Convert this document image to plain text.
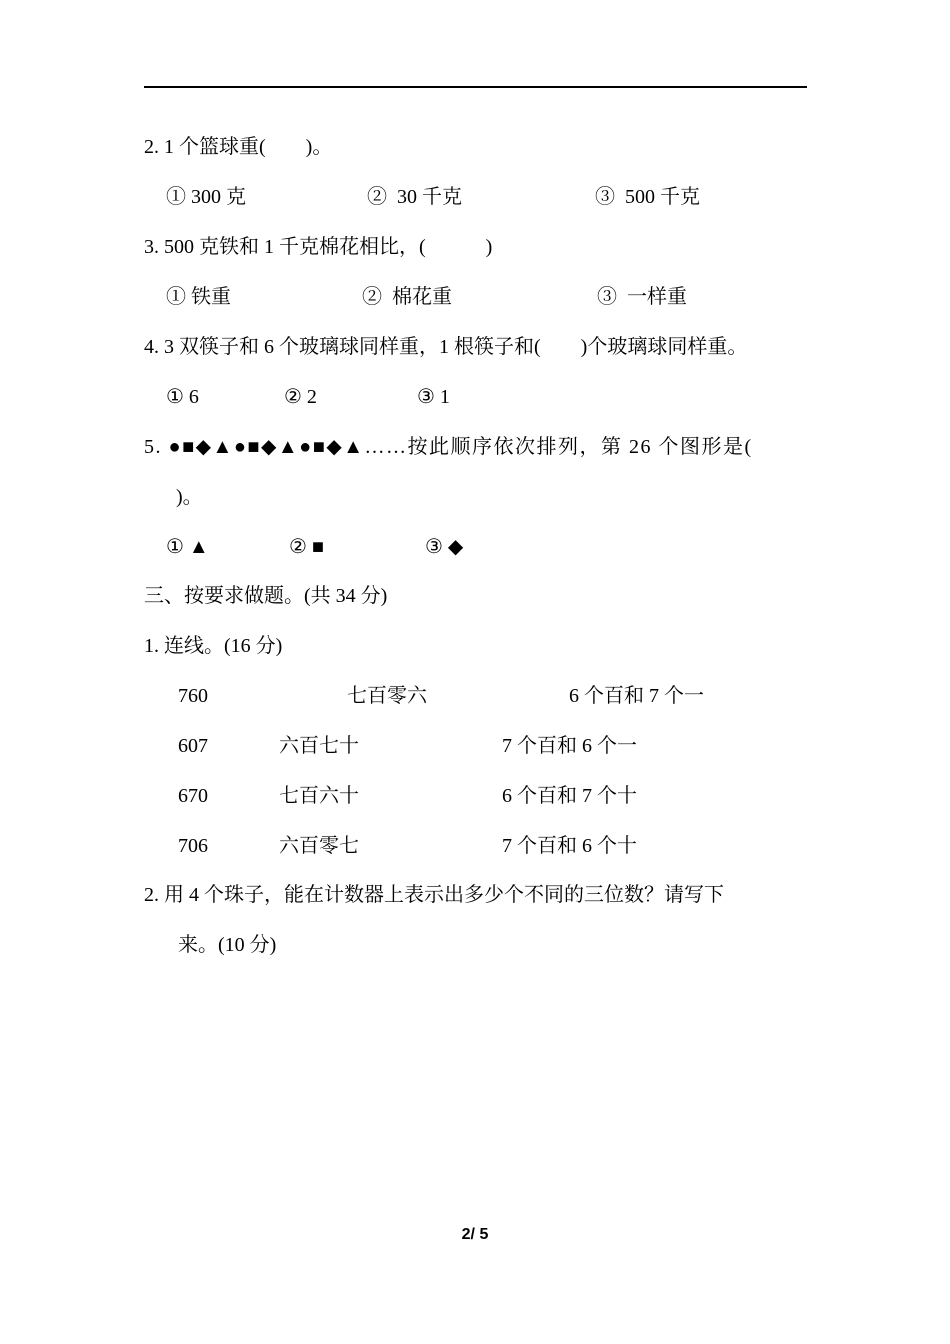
2. 1 个篮球重(　　)。
① 300 克	②  30 千克	③  500 千克
3. 500 克铁和 1 千克棉花相比，(　　　)
① 铁重	②  棉花重	③  一样重
4. 3 双筷子和 6 个玻璃球同样重，1 根筷子和(　　)个玻璃球同样重。
① 6	② 2	③ 1
5. ●■◆▲●■◆▲●■◆▲……按此顺序依次排列，第 26 个图形是(
)。
① ▲	② ■	③ ◆
三、按要求做题。(共 34 分)
1. 连线。(16 分)
760	七百零六	6 个百和 7 个一
607	六百七十	7 个百和 6 个一
670	七百六十	6 个百和 7 个十
706	六百零七	7 个百和 6 个十
2. 用 4 个珠子，能在计数器上表示出多少个不同的三位数？请写下
来。(10 分)
2/ 5
